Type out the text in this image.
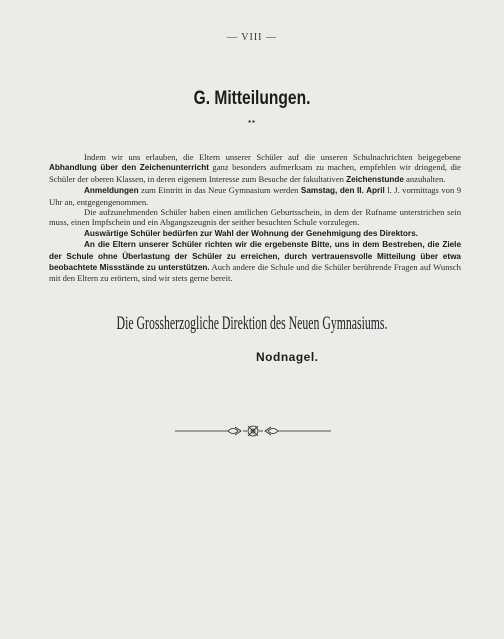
— VIII —
G. Mitteilungen.
▪▪

Indem wir uns erlauben, die Eltern unserer Schüler auf die unseren Schulnachrichten beigegebene Abhandlung über den Zeichenunterricht ganz besonders aufmerksam zu machen, empfehlen wir dringend, die Schüler der oberen Klassen, in deren eigenem Interesse zum Besuche der fakultativen Zeichenstunde anzuhalten.

Anmeldungen zum Eintritt in das Neue Gymnasium werden Samstag, den II. April l. J. vormittags von 9 Uhr an, entgegengenommen.

Die aufzunehmenden Schüler haben einen amtlichen Geburtsschein, in dem der Rufname unterstrichen sein muss, einen Impfschein und ein Abgangszeugnis der seither besuchten Schule vorzulegen.

Auswärtige Schüler bedürfen zur Wahl der Wohnung der Genehmigung des Direktors.

An die Eltern unserer Schüler richten wir die ergebenste Bitte, uns in dem Bestreben, die Ziele der Schule ohne Überlastung der Schüler zu erreichen, durch vertrauensvolle Mitteilung über etwa beobachtete Missstände zu unterstützen. Auch andere die Schule und die Schüler berührende Fragen auf Wunsch mit den Eltern zu erörtern, sind wir stets gerne bereit.

Die Grossherzogliche Direktion des Neuen Gymnasiums.
Nodnagel.
